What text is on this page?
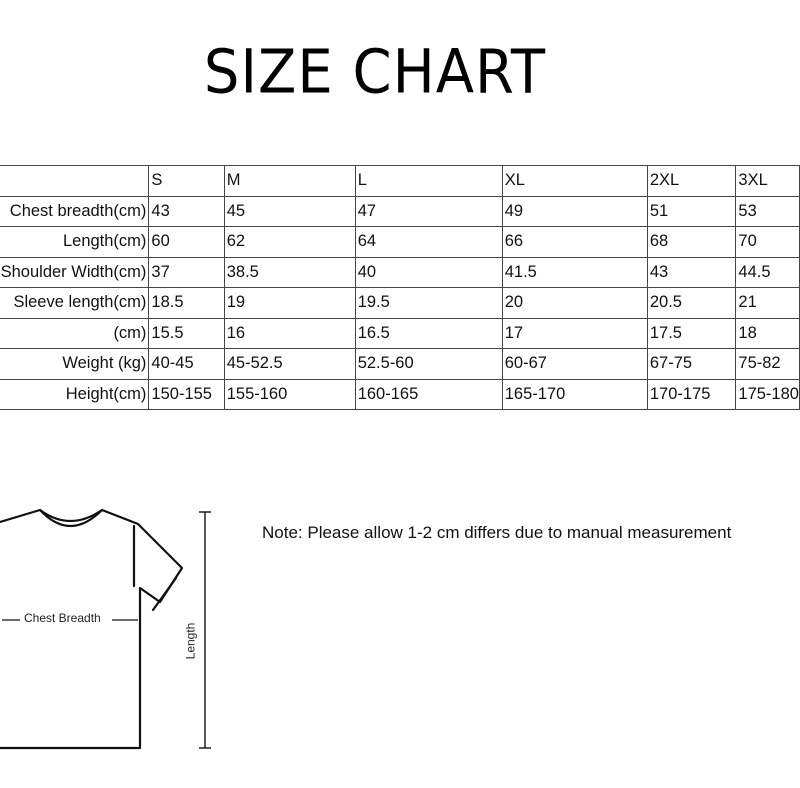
SIZE CHART
	S	M	L	XL	2XL	3XL
Chest breadth(cm)	43	45	47	49	51	53
Length(cm)	60	62	64	66	68	70
Shoulder Width(cm)	37	38.5	40	41.5	43	44.5
Sleeve length(cm)	18.5	19	19.5	20	20.5	21
(cm)	15.5	16	16.5	17	17.5	18
Weight (kg)	40-45	45-52.5	52.5-60	60-67	67-75	75-82
Height(cm)	150-155	155-160	160-165	165-170	170-175	175-180
Chest Breadth
Length
Note: Please allow 1-2 cm differs due to manual measurement
